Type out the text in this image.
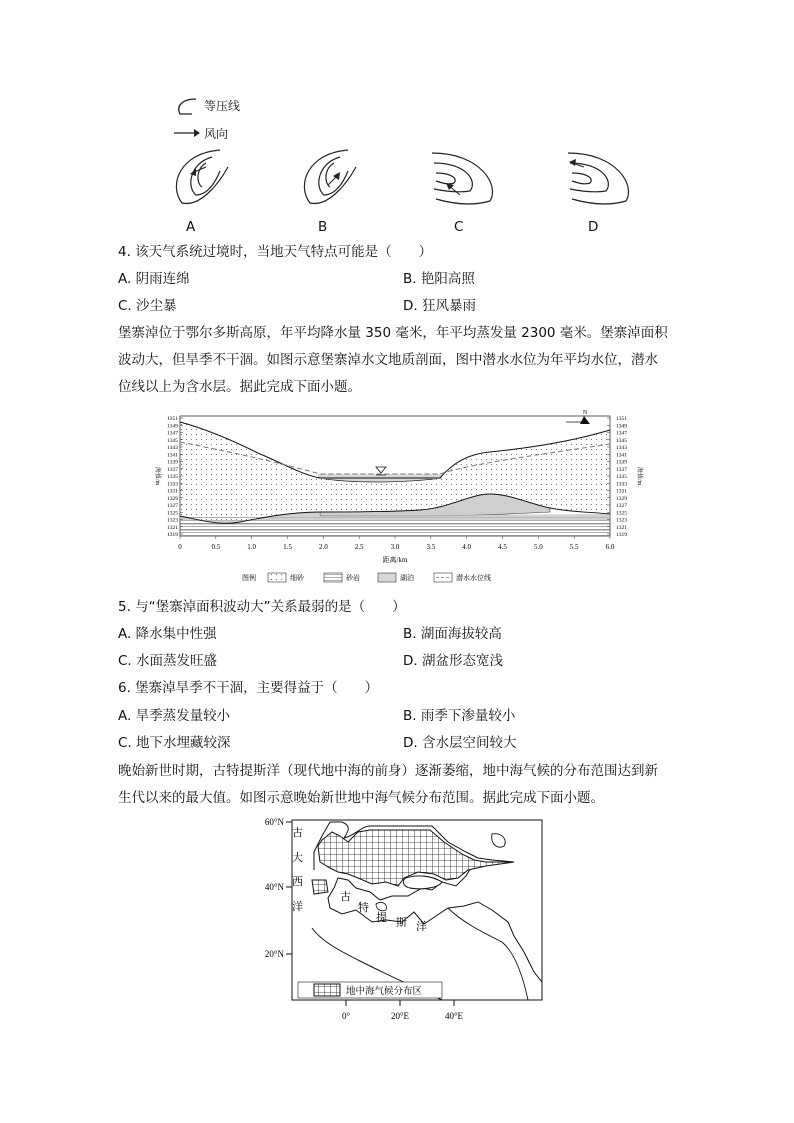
等压线
风向
A	B	C	D
4. 该天气系统过境时，当地天气特点可能是（　　）
A. 阴雨连绵	B. 艳阳高照
C. 沙尘暴	D. 狂风暴雨
堡寨淖位于鄂尔多斯高原，年平均降水量 350 毫米，年平均蒸发量 2300 毫米。堡寨淖面积
波动大，但旱季不干涸。如图示意堡寨淖水文地质剖面，图中潜水水位为年平均水位，潜水
位线以上为含水层。据此完成下面小题。
N
1351
1349
1347
1345
1343
1341
1339
1337
1335
1333
1331
1329
1327
1325
1323
1321
1319
1351
1349
1347
1345
1343
1341
1339
1337
1335
1333
1331
1329
1327
1325
1323
1321
1319
海拔/m	海拔/m
0	0.5	1.0	1.5	2.0	2.5	3.0	3.5	4.0	4.5	5.0	5.5	6.0
距离/km
图例	细砂	砂岩	湖泊	潜水水位线
5. 与“堡寨淖面积波动大”关系最弱的是（　　）
A. 降水集中性强	B. 湖面海拔较高
C. 水面蒸发旺盛	D. 湖盆形态宽浅
6. 堡寨淖旱季不干涸，主要得益于（　　）
A. 旱季蒸发量较小	B. 雨季下渗量较小
C. 地下水埋藏较深	D. 含水层空间较大
晚始新世时期，古特提斯洋（现代地中海的前身）逐渐萎缩，地中海气候的分布范围达到新
生代以来的最大值。如图示意晚始新世地中海气候分布范围。据此完成下面小题。
60°N
40°N
20°N
0°	20°E	40°E
古
大
西
洋
古
特
提 斯 洋
地中海气候分布区
